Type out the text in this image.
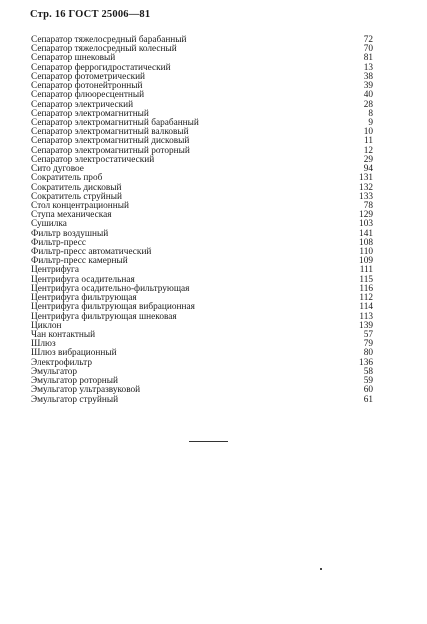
Стр. 16 ГОСТ 25006—81
Сепаратор тяжелосредный барабанный	72
Сепаратор тяжелосредный колесный	70
Сепаратор шнековый	81
Сепаратор феррогидростатический	13
Сепаратор фотометрический	38
Сепаратор фотонейтронный	39
Сепаратор флюоресцентный	40
Сепаратор электрический	28
Сепаратор электромагнитный	8
Сепаратор электромагнитный барабанный	9
Сепаратор электромагнитный валковый	10
Сепаратор электромагнитный дисковый	11
Сепаратор электромагнитный роторный	12
Сепаратор электростатический	29
Сито дуговое	94
Сократитель проб	131
Сократитель дисковый	132
Сократитель струйный	133
Стол концентрационный	78
Ступа механическая	129
Сушилка	103
Фильтр воздушный	141
Фильтр-пресс	108
Фильтр-пресс автоматический	110
Фильтр-пресс камерный	109
Центрифуга	111
Центрифуга осадительная	115
Центрифуга осадительно-фильтрующая	116
Центрифуга фильтрующая	112
Центрифуга фильтрующая вибрационная	114
Центрифуга фильтрующая шнековая	113
Циклон	139
Чан контактный	57
Шлюз	79
Шлюз вибрационный	80
Электрофильтр	136
Эмульгатор	58
Эмульгатор роторный	59
Эмульгатор ультразвуковой	60
Эмульгатор струйный	61
